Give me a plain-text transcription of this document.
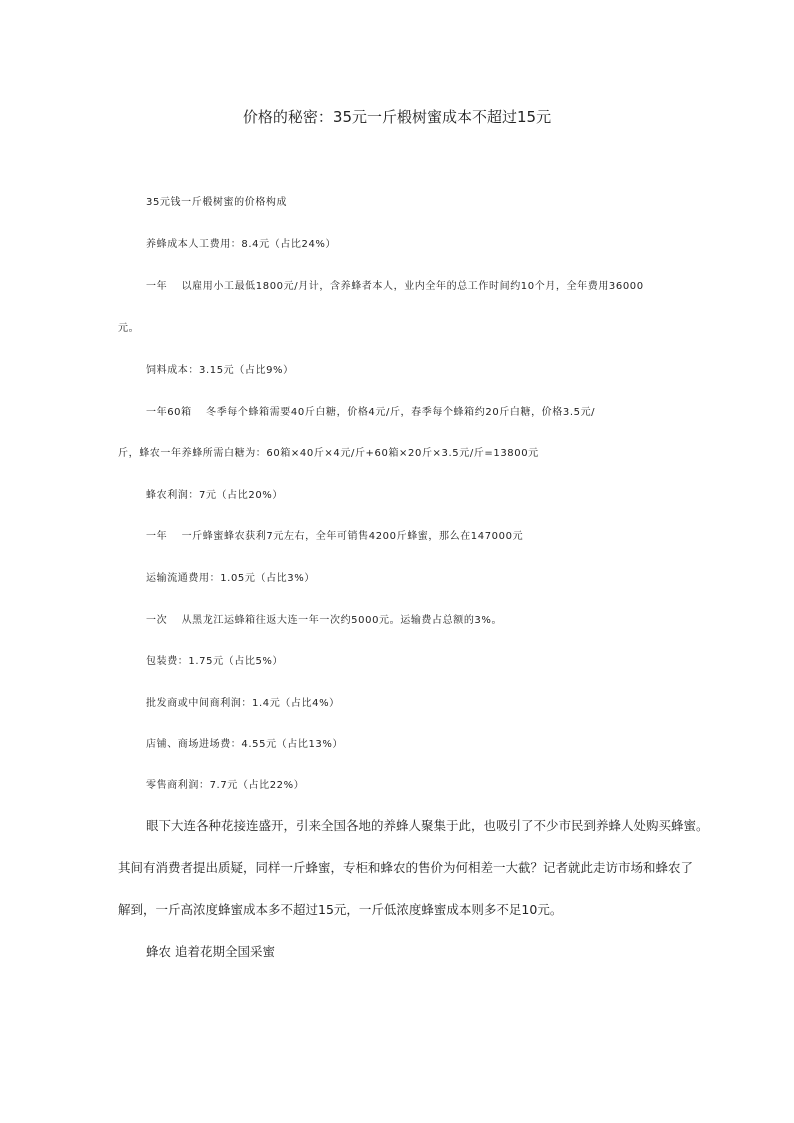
价格的秘密：35元一斤椴树蜜成本不超过15元
35元钱一斤椴树蜜的价格构成
养蜂成本人工费用：8.4元（占比24%）
一年　 以雇用小工最低1800元/月计，含养蜂者本人，业内全年的总工作时间约10个月，全年费用36000
元。
饲料成本：3.15元（占比9%）
一年60箱　 冬季每个蜂箱需要40斤白糖，价格4元/斤，春季每个蜂箱约20斤白糖，价格3.5元/
斤，蜂农一年养蜂所需白糖为：60箱×40斤×4元/斤+60箱×20斤×3.5元/斤=13800元
蜂农利润：7元（占比20%）
一年　 一斤蜂蜜蜂农获利7元左右，全年可销售4200斤蜂蜜，那么在147000元
运输流通费用：1.05元（占比3%）
一次　 从黑龙江运蜂箱往返大连一年一次约5000元。运输费占总额的3%。
包装费：1.75元（占比5%）
批发商或中间商利润：1.4元（占比4%）
店铺、商场进场费：4.55元（占比13%）
零售商利润：7.7元（占比22%）
眼下大连各种花接连盛开，引来全国各地的养蜂人聚集于此，也吸引了不少市民到养蜂人处购买蜂蜜。
其间有消费者提出质疑，同样一斤蜂蜜，专柜和蜂农的售价为何相差一大截？记者就此走访市场和蜂农了
解到，一斤高浓度蜂蜜成本多不超过15元，一斤低浓度蜂蜜成本则多不足10元。
蜂农 追着花期全国采蜜
